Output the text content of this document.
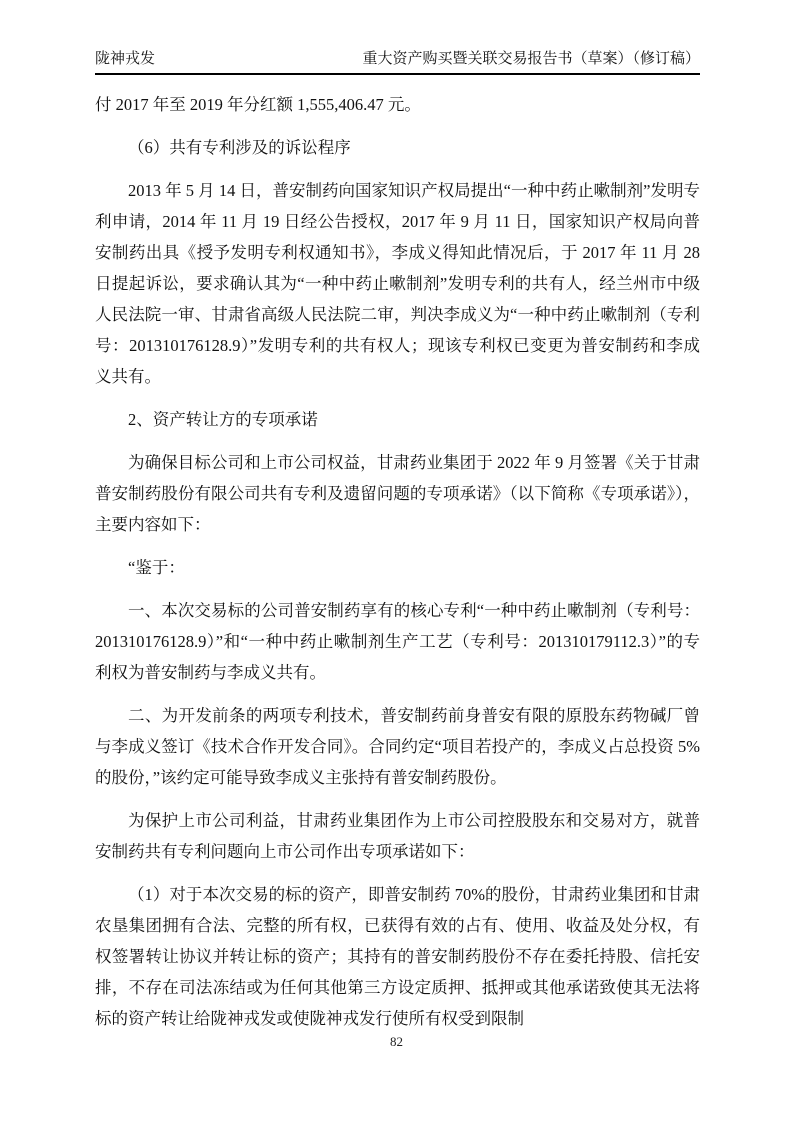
陇神戎发	重大资产购买暨关联交易报告书（草案）（修订稿）

付 2017 年至 2019 年分红额 1,555,406.47 元。

（6）共有专利涉及的诉讼程序

2013 年 5 月 14 日，普安制药向国家知识产权局提出“一种中药止嗽制剂”发明专利申请，2014 年 11 月 19 日经公告授权，2017 年 9 月 11 日，国家知识产权局向普安制药出具《授予发明专利权通知书》，李成义得知此情况后，于 2017 年 11 月 28 日提起诉讼，要求确认其为“一种中药止嗽制剂”发明专利的共有人，经兰州市中级人民法院一审、甘肃省高级人民法院二审，判决李成义为“一种中药止嗽制剂（专利号：201310176128.9）”发明专利的共有权人；现该专利权已变更为普安制药和李成义共有。

2、资产转让方的专项承诺

为确保目标公司和上市公司权益，甘肃药业集团于 2022 年 9 月签署《关于甘肃普安制药股份有限公司共有专利及遗留问题的专项承诺》（以下简称《专项承诺》），主要内容如下：

“鉴于：

一、本次交易标的公司普安制药享有的核心专利“一种中药止嗽制剂（专利号：201310176128.9）”和“一种中药止嗽制剂生产工艺（专利号：201310179112.3）”的专利权为普安制药与李成义共有。

二、为开发前条的两项专利技术，普安制药前身普安有限的原股东药物碱厂曾与李成义签订《技术合作开发合同》。合同约定“项目若投产的，李成义占总投资 5%的股份，”该约定可能导致李成义主张持有普安制药股份。

为保护上市公司利益，甘肃药业集团作为上市公司控股股东和交易对方，就普安制药共有专利问题向上市公司作出专项承诺如下：

（1）对于本次交易的标的资产，即普安制药 70%的股份，甘肃药业集团和甘肃农垦集团拥有合法、完整的所有权，已获得有效的占有、使用、收益及处分权，有权签署转让协议并转让标的资产；其持有的普安制药股份不存在委托持股、信托安排，不存在司法冻结或为任何其他第三方设定质押、抵押或其他承诺致使其无法将标的资产转让给陇神戎发或使陇神戎发行使所有权受到限制

82
